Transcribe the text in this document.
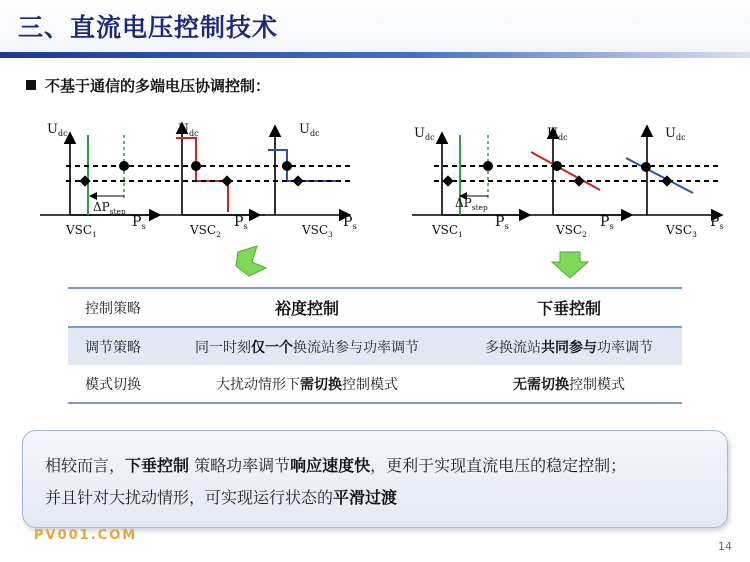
三、直流电压控制技术
不基于通信的多端电压协调控制：
$U_{dc}$	$U_{dc}$	$U_{dc}$	$U_{dc}$	$U_{dc}$	$U_{dc}$
$P_s$	$P_s$	$P_s$	$P_s$	$P_s$	$P_s$
$\Delta P_{step}$
$\Delta P_{step}$
$VSC_1$	$VSC_2$	$VSC_3$	$VSC_1$	$VSC_2$	$VSC_3$
控制策略	裕度控制	下垂控制
调节策略	同一时刻仅一个换流站参与功率调节	多换流站共同参与功率调节
模式切换	大扰动情形下需切换控制模式	无需切换控制模式

相较而言，下垂控制 策略功率调节响应速度快，更利于实现直流电压的稳定控制；

并且针对大扰动情形，可实现运行状态的平滑过渡

PV001.COM
14
